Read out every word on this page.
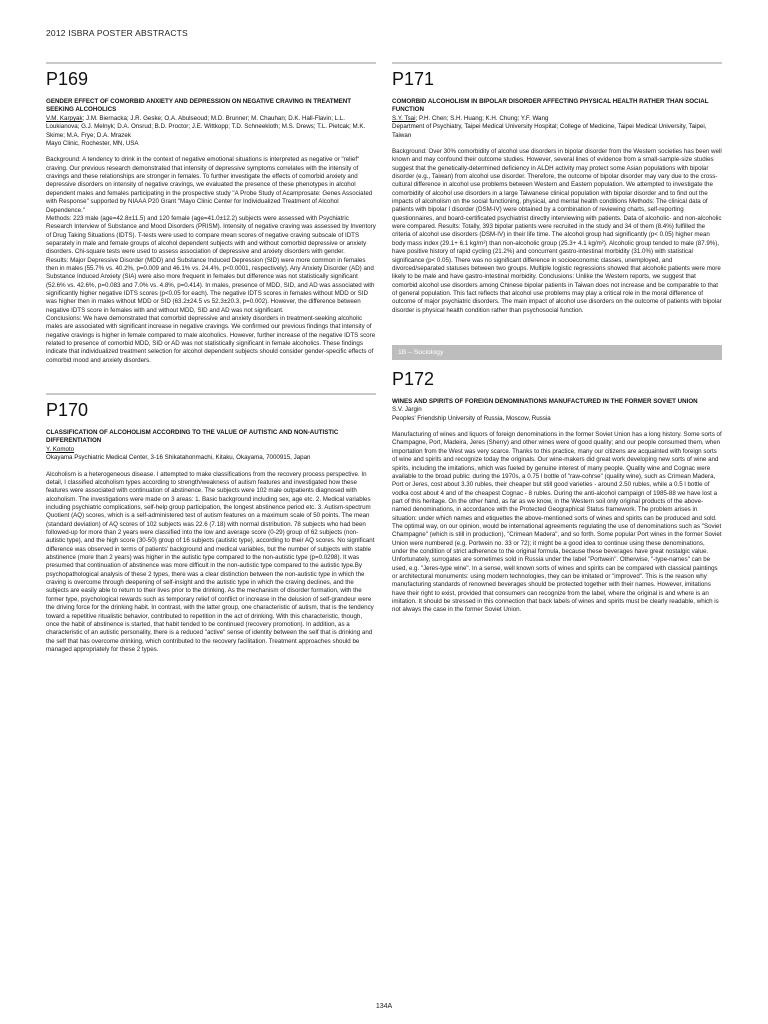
2012 ISBRA POSTER ABSTRACTS
P169
GENDER EFFECT OF COMORBID ANXIETY AND DEPRESSION ON NEGATIVE CRAVING IN TREATMENT SEEKING ALCOHOLICS
V.M. Karpyak; J.M. Biernacka; J.R. Geske; O.A. Abulseoud; M.D. Brunner; M. Chauhan; D.K. Hall-Flavin; L.L. Loukianova; G.J. Melnyk; D.A. Onsrud; B.D. Proctor; J.E. Wittkopp; T.D. Schneekloth; M.S. Drews; T.L. Pietcak; M.K. Skime; M.A. Frye; D.A. Mrazek
Mayo Clinic, Rochester, MN, USA

Background: A tendency to drink in the context of negative emotional situations is interpreted as negative or "relief" craving. Our previous research demonstrated that intensity of depressive symptoms correlates with the intensity of cravings and these relationships are stronger in females. To further investigate the effects of comorbid anxiety and depressive disorders on intensity of negative cravings, we evaluated the presence of these phenotypes in alcohol dependent males and females participating in the prospective study "A Probe Study of Acamprosate: Genes Associated with Response" supported by NIAAA P20 Grant "Mayo Clinic Center for Individualized Treatment of Alcohol Dependence."

Methods: 223 male (age=42.8±11.5) and 120 female (age=41.0±12.2) subjects were assessed with Psychiatric Research Interview of Substance and Mood Disorders (PRISM). Intensity of negative craving was assessed by Inventory of Drug Taking Situations (IDTS). T-tests were used to compare mean scores of negative craving subscale of IDTS separately in male and female groups of alcohol dependent subjects with and without comorbid depressive or anxiety disorders. Chi-square tests were used to assess association of depressive and anxiety disorders with gender.

Results: Major Depressive Disorder (MDD) and Substance Induced Depression (SID) were more common in females then in males (55.7% vs. 40.2%, p=0.009 and 46.1% vs. 24.4%, p<0.0001, respectively). Any Anxiety Disorder (AD) and Substance Induced Anxiety (SIA) were also more frequent in females but difference was not statistically significant (52.6% vs. 42.6%, p=0.083 and 7.0% vs. 4.8%, p=0.414). In males, presence of MDD, SID, and AD was associated with significantly higher negative IDTS scores (p<0.05 for each). The negative IDTS scores in females without MDD or SID was higher then in males without MDD or SID (63.2±24.5 vs 52.3±20.3, p=0.002). However, the difference between negative IDTS score in females with and without MDD, SID and AD was not significant.

Conclusions: We have demonstrated that comorbid depressive and anxiety disorders in treatment-seeking alcoholic males are associated with significant increase in negative cravings. We confirmed our previous findings that intensity of negative cravings is higher in female compared to male alcoholics. However, further increase of the negative IDTS score related to presence of comorbid MDD, SID or AD was not statistically significant in female alcoholics. These findings indicate that individualized treatment selection for alcohol dependent subjects should consider gender-specific effects of comorbid mood and anxiety disorders.

P170
CLASSIFICATION OF ALCOHOLISM ACCORDING TO THE VALUE OF AUTISTIC AND NON-AUTISTIC DIFFERENTIATION
Y. Komoto
Okayama Psychiatric Medical Center, 3-16 Shikatahonmachi, Kitaku, Okayama, 7000915, Japan

Alcoholism is a heterogeneous disease. I attempted to make classifications from the recovery process perspective. In detail, I classified alcoholism types according to strength/weakness of autism features and investigated how these features were associated with continuation of abstinence. The subjects were 102 male outpatients diagnosed with alcoholism. The investigations were made on 3 areas: 1. Basic background including sex, age etc. 2. Medical variables including psychiatric complications, self-help group participation, the longest abstinence period etc. 3. Autism-spectrum Quotient (AQ) scores, which is a self-administered test of autism features on a maximum scale of 50 points. The mean (standard deviation) of AQ scores of 102 subjects was 22.6 (7.18) with normal distribution. 78 subjects who had been followed-up for more than 2 years were classified into the low and average score (0-29) group of 62 subjects (non-autistic type), and the high score (30-50) group of 16 subjects (autistic type), according to their AQ scores. No significant difference was observed in terms of patients' background and medical variables, but the number of subjects with stable abstinence (more than 2 years) was higher in the autistic type compared to the non-autistic type (p=0.0298). It was presumed that continuation of abstinence was more difficult in the non-autistic type compared to the autistic type.By psychopathological analysis of these 2 types, there was a clear distinction between the non-autistic type in which the craving is overcome through deepening of self-insight and the autistic type in which the craving declines, and the subjects are easily able to return to their lives prior to the drinking. As the mechanism of disorder formation, with the former type, psychological rewards such as temporary relief of conflict or increase in the delusion of self-grandeur were the driving force for the drinking habit. In contrast, with the latter group, one characteristic of autism, that is the tendency toward a repetitive ritualistic behavior, contributed to repetition in the act of drinking. With this characteristic, though, once the habit of abstinence is started, that habit tended to be continued (recovery promotion). In addition, as a characteristic of an autistic personality, there is a reduced "active" sense of identity between the self that is drinking and the self that has overcome drinking, which contributed to the recovery facilitation. Treatment approaches should be managed appropriately for these 2 types.

P171
COMORBID ALCOHOLISM IN BIPOLAR DISORDER AFFECTING PHYSICAL HEALTH RATHER THAN SOCIAL FUNCTION
S.Y. Tsai; P.H. Chen; S.H. Huang; K.H. Chung; Y.F. Wang
Department of Psychiatry, Taipei Medical University Hospital; College of Medicine, Taipei Medical University, Taipei, Taiwan

Background: Over 30% comorbidity of alcohol use disorders in bipolar disorder from the Western societies has been well known and may confound their outcome studies. However, several lines of evidence from a small-sample-size studies suggest that the genetically-determined deficiency in ALDH activity may protect some Asian populations with bipolar disorder (e.g., Taiwan) from alcohol use disorder. Therefore, the outcome of bipolar disorder may vary due to the cross-cultural difference in alcohol use problems between Western and Eastern population. We attempted to investigate the comorbidity of alcohol use disorders in a large Taiwanese clinical population with bipolar disorder and to find out the impacts of alcoholism on the social functioning, physical, and mental health conditions Methods: The clinical data of patients with bipolar I disorder (DSM-IV) were obtained by a combination of reviewing charts, self-reporting questionnaires, and board-certificated psychiatrist directly interviewing with patients. Data of alcoholic- and non-alcoholic were compared. Results: Totally, 393 bipolar patients were recruited in the study and 34 of them (8.4%) fulfilled the criteria of alcohol use disorders (DSM-IV) in their life time. The alcohol group had significantly (p< 0.05) higher mean body mass index (29.1+ 6.1 kg/m²) than non-alcoholic group (25.3+ 4.1 kg/m²). Alcoholic group tended to male (87.9%), have positive history of rapid cycling (21.2%) and concurrent gastro-intestinal morbidity (31.0%) with statistical significance (p< 0.05). There was no significant difference in socioeconomic classes, unemployed, and divorced/separated statuses between two groups. Multiple logistic regressions showed that alcoholic patients were more likely to be male and have gastro-intestinal morbidity. Conclusions: Unlike the Western reports, we suggest that comorbid alcohol use disorders among Chinese bipolar patients in Taiwan does not increase and be comparable to that of general population. This fact reflects that alcohol use problems may play a critical role in the moral difference of outcome of major psychiatric disorders. The main impact of alcohol use disorders on the outcome of patients with bipolar disorder is physical health condition rather than psychosocial function.

1B – Sociology
P172
WINES AND SPIRITS OF FOREIGN DENOMINATIONS MANUFACTURED IN THE FORMER SOVIET UNION
S.V. Jargin
Peoples' Friendship University of Russia, Moscow, Russia

Manufacturing of wines and liquors of foreign denominations in the former Soviet Union has a long history. Some sorts of Champagne, Port, Madeira, Jeres (Sherry) and other wines were of good quality; and our people consumed them, when importation from the West was very scarce. Thanks to this practice, many our citizens are acquainted with foreign sorts of wine and spirits and recognize today the originals. Our wine-makers did great work developing new sorts of wine and spirits, including the imitations, which was fueled by genuine interest of many people. Quality wine and Cognac were available to the broad public: during the 1970s, a 0.75 l bottle of "raw-cohrse" (quality wine), such as Crimean Madera, Port or Jeres, cost about 3.30 rubles, their cheaper but still good varieties - around 2.50 rubles, while a 0.5 l bottle of vodka cost about 4 and of the cheapest Cognac - 8 rubles. During the anti-alcohol campaign of 1985-88 we have lost a part of this heritage. On the other hand, as far as we know, in the Western soil only original products of the above-named denominations, in accordance with the Protected Geographical Status framework. The problem arises in situation: under which names and etiquettes the above-mentioned sorts of wines and spirits can be produced and sold. The optimal way, on our opinion, would be international agreements regulating the use of denominations such as "Soviet Champagne" (which is still in production), "Crimean Madera", and so forth. Some popular Port wines in the former Soviet Union were numbered (e.g. Portwein no. 33 or 72); it might be a good idea to continue using these denominations, under the condition of strict adherence to the original formula, because these beverages have great nostalgic value. Unfortunately, surrogates are sometimes sold in Russia under the label "Portwein". Otherwise, "-type-names" can be used, e.g. "Jeres-type wine". In a sense, well known sorts of wines and spirits can be compared with classical paintings or architectural monuments: using modern technologies, they can be imitated or "improved". This is the reason why manufacturing standards of renowned beverages should be protected together with their names. However, imitations have their right to exist, provided that consumers can recognize from the label, where the original is and where is an imitation. It should be stressed in this connection that back labels of wines and spirits must be clearly readable, which is not always the case in the former Soviet Union.

134A
